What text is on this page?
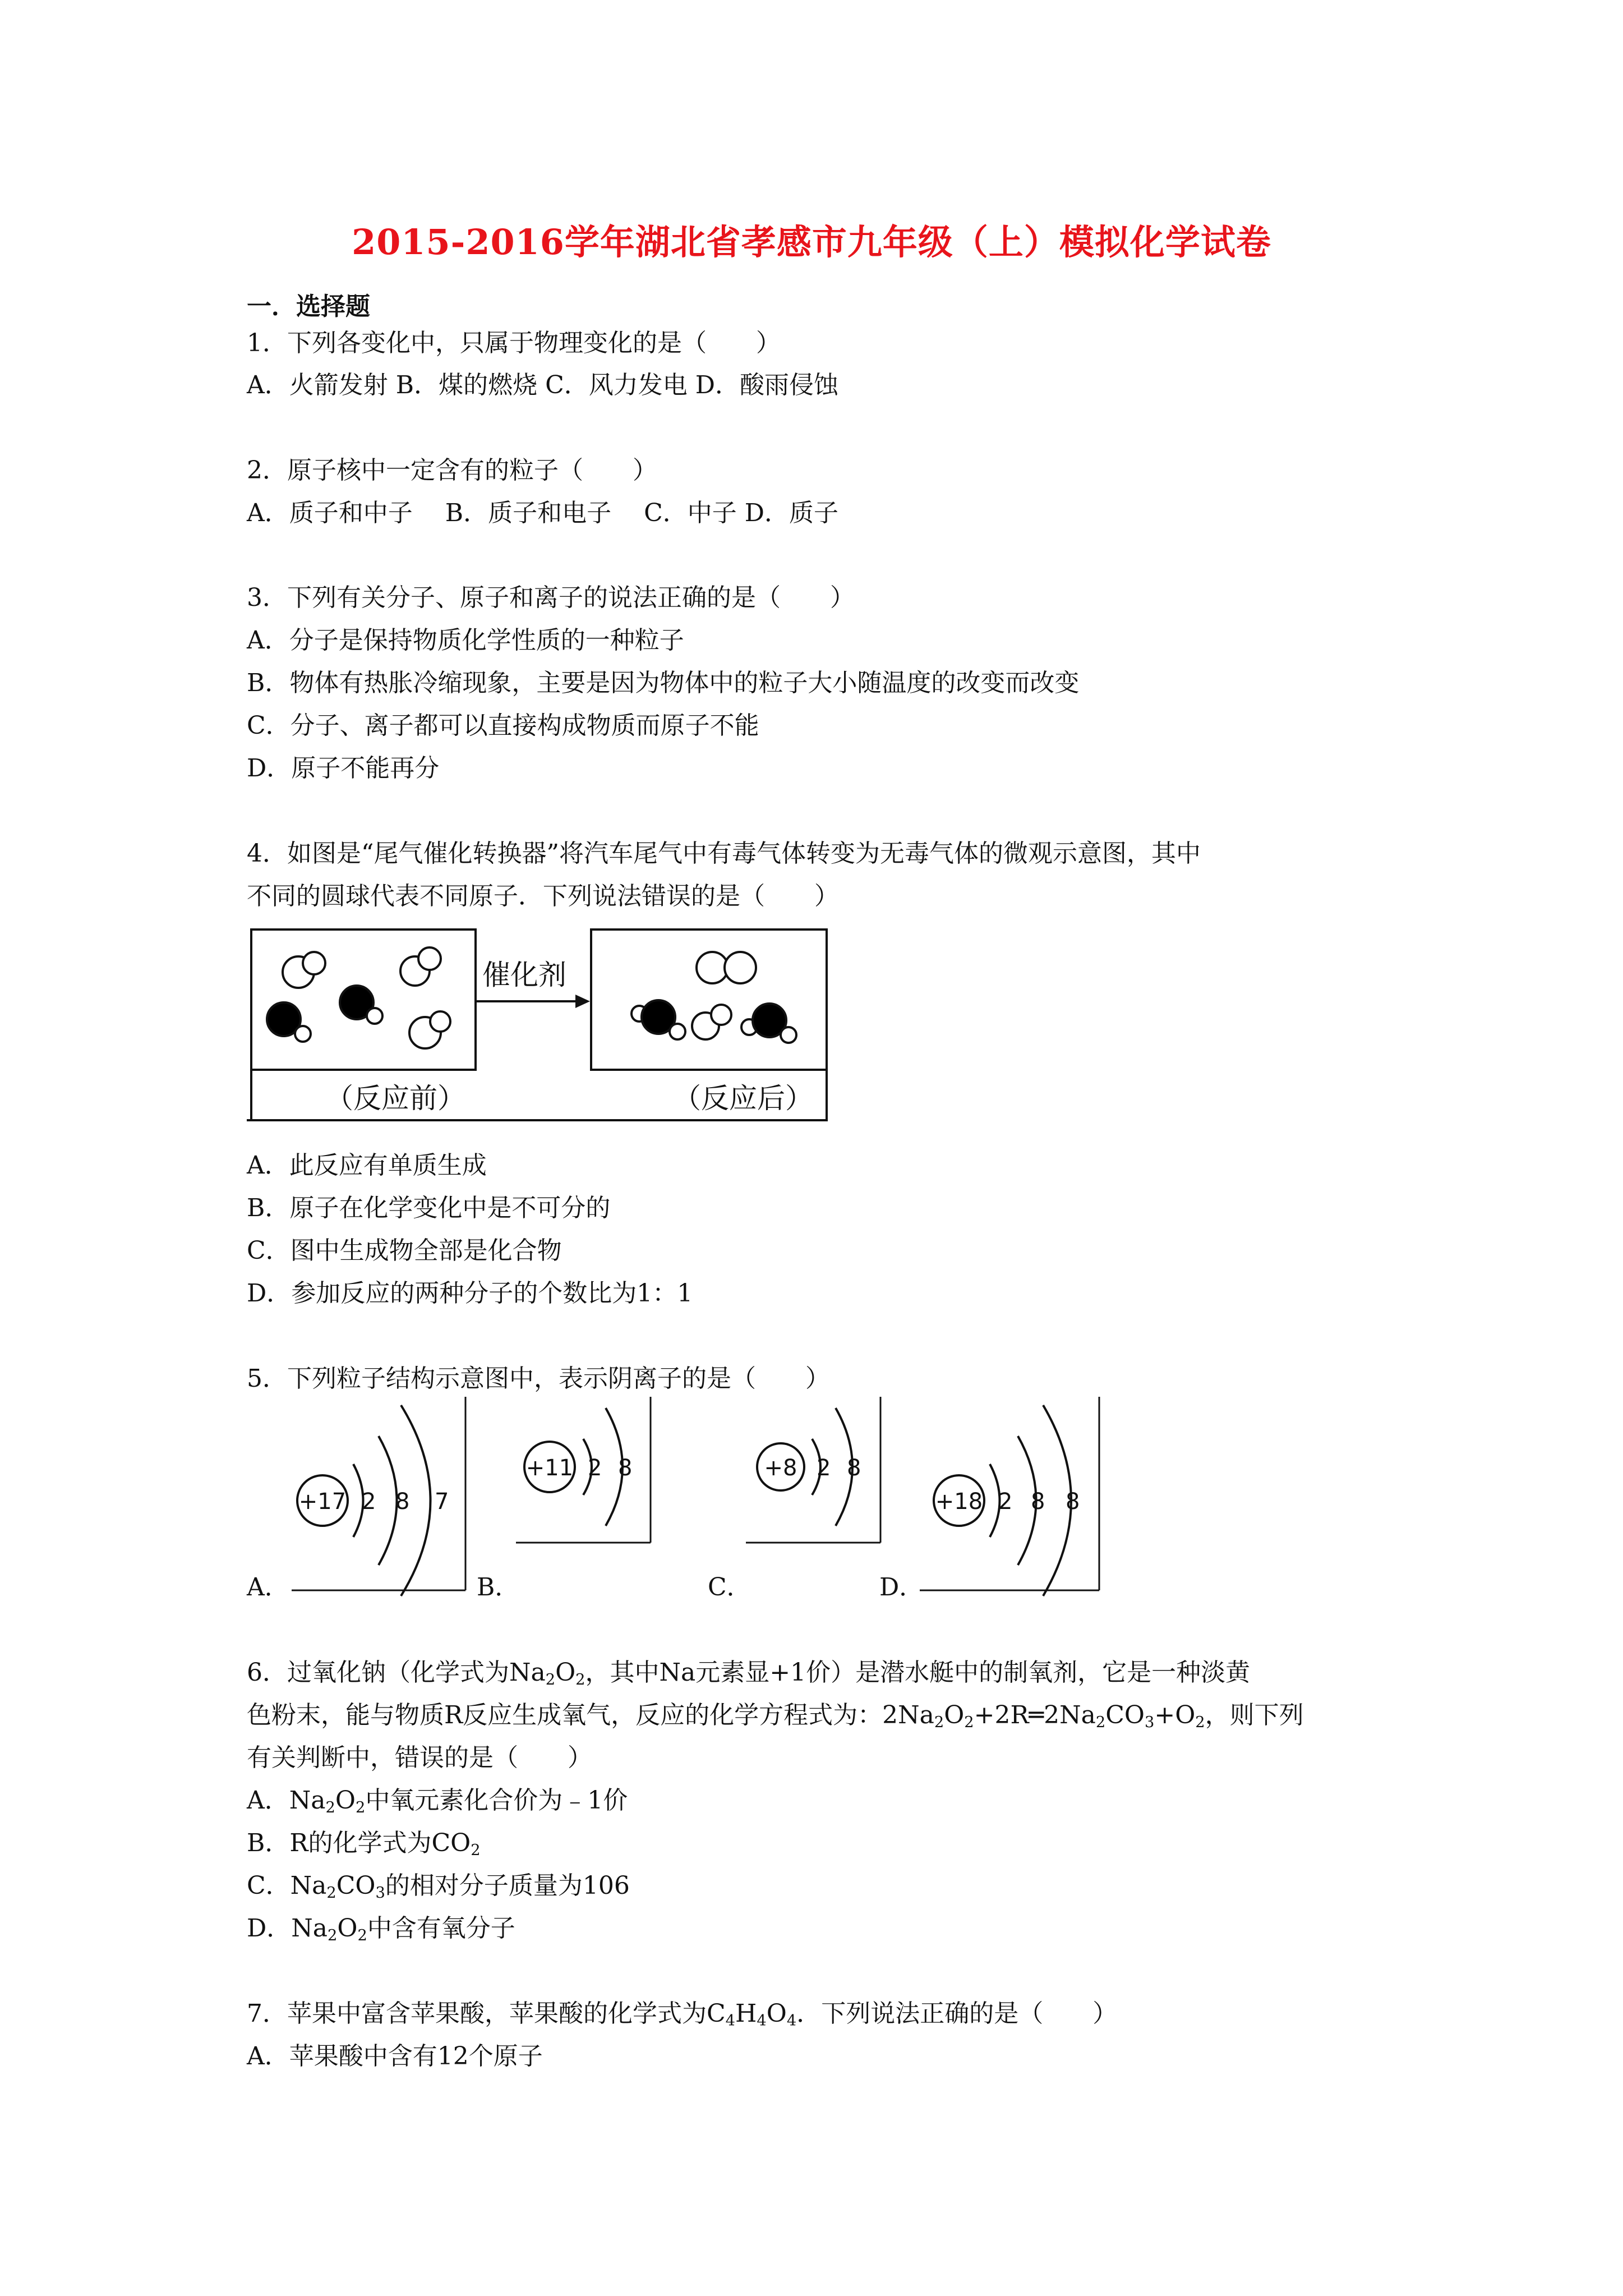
2015-2016学年湖北省孝感市九年级（上）模拟化学试卷
一．选择题
1．下列各变化中，只属于物理变化的是（　　）
A．火箭发射 B．煤的燃烧 C．风力发电 D．酸雨侵蚀
2．原子核中一定含有的粒子（　　）
A．质子和中子　 B．质子和电子　 C．中子 D．质子
3．下列有关分子、原子和离子的说法正确的是（　　）
A．分子是保持物质化学性质的一种粒子
B．物体有热胀冷缩现象，主要是因为物体中的粒子大小随温度的改变而改变
C．分子、离子都可以直接构成物质而原子不能
D．原子不能再分
4．如图是“尾气催化转换器”将汽车尾气中有毒气体转变为无毒气体的微观示意图，其中
不同的圆球代表不同原子．下列说法错误的是（　　）
催化剂
（反应前）	（反应后）
A．此反应有单质生成
B．原子在化学变化中是不可分的
C．图中生成物全部是化合物
D．参加反应的两种分子的个数比为1：1
5．下列粒子结构示意图中，表示阴离子的是（　　）
+17 2 8 7
+11 2 8	+8 2 8
+18 2 8 8
A．	B．	C．	D．
6．过氧化钠（化学式为$Na_2O_2$，其中Na元素显+1价）是潜水艇中的制氧剂，它是一种淡黄
色粉末，能与物质R反应生成氧气，反应的化学方程式为：$2Na_2O_2+2R═2Na_2CO_3+O_2$，则下列
有关判断中，错误的是（　　）
A．$Na_2O_2$中氧元素化合价为﹣1价
B．R的化学式为$CO_2$
C．$Na_2CO_3$的相对分子质量为106
D．$Na_2O_2$中含有氧分子
7．苹果中富含苹果酸，苹果酸的化学式为$C_4H_4O_4$．下列说法正确的是（　　）
A．苹果酸中含有12个原子
